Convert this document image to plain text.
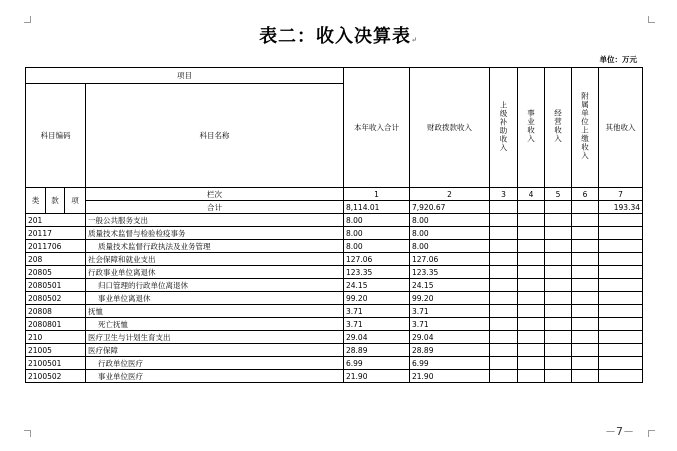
表二：收入决算表↵
单位：万元
项目				本年收入合计	财政拨款收入	上级补助收入	事业收入	经营收入	附属单位上缴收入	其他收入
科目编码			科目名称							
类	款	项	栏次	1	2	3	4	5	6	7
			合计	8,114.01	7,920.67					193.34
201			一般公共服务支出	8.00	8.00					
20117			质量技术监督与检验检疫事务	8.00	8.00					
2011706			质量技术监督行政执法及业务管理	8.00	8.00					
208			社会保障和就业支出	127.06	127.06					
20805			行政事业单位离退休	123.35	123.35					
2080501			归口管理的行政单位离退休	24.15	24.15					
2080502			事业单位离退休	99.20	99.20					
20808			抚恤	3.71	3.71					
2080801			死亡抚恤	3.71	3.71					
210			医疗卫生与计划生育支出	29.04	29.04					
21005			医疗保障	28.89	28.89					
2100501			行政单位医疗	6.99	6.99					
2100502			事业单位医疗	21.90	21.90					
－7－
